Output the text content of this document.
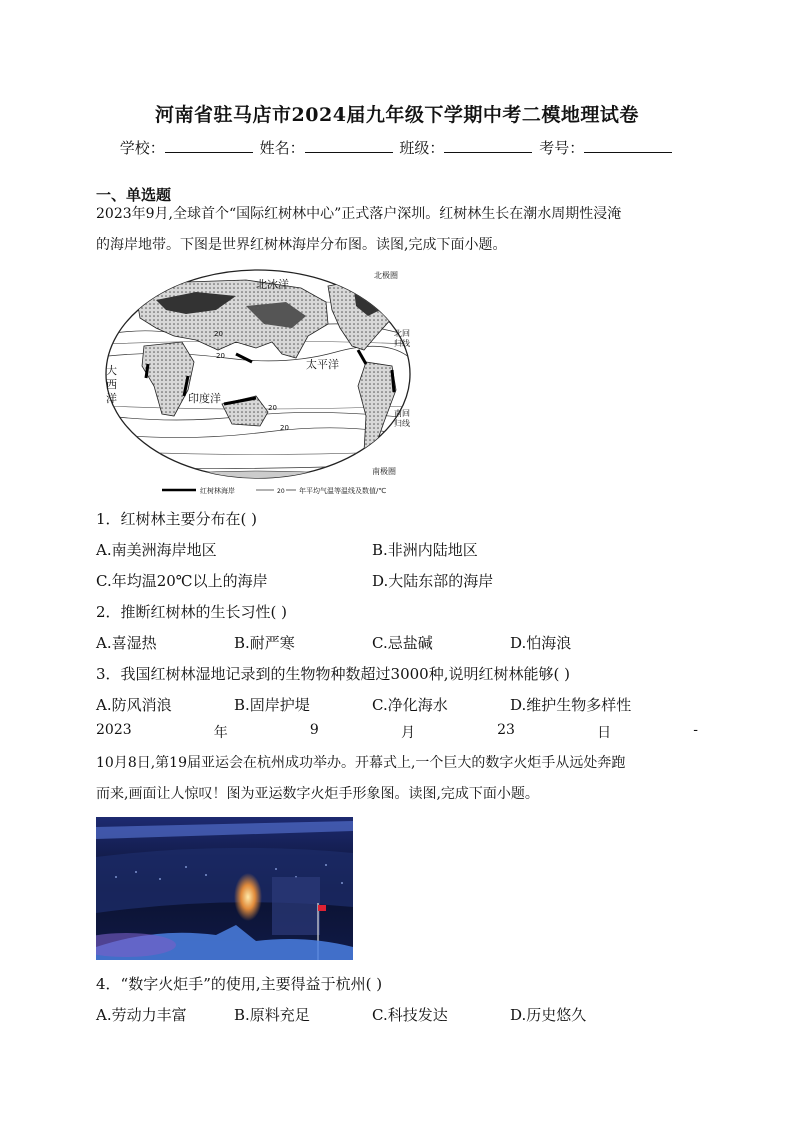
河南省驻马店市2024届九年级下学期中考二模地理试卷
学校：	姓名：	班级：	考号：
一、单选题
2023年9月,全球首个“国际红树林中心”正式落户深圳。红树林生长在潮水周期性浸淹
的海岸地带。下图是世界红树林海岸分布图。读图,完成下面小题。
北冰洋
太平洋
大
西
洋	印度洋
北极圈
北回
归线
南回
归线
南极圈
20
20
20
20
红树林海岸	20 年平均气温等温线及数值/℃
1．红树林主要分布在( )
A.南美洲海岸地区	B.非洲内陆地区
C.年均温20℃以上的海岸	D.大陆东部的海岸
2．推断红树林的生长习性( )
A.喜湿热	B.耐严寒	C.忌盐碱	D.怕海浪
3．我国红树林湿地记录到的生物物种数超过3000种,说明红树林能够( )
A.防风消浪	B.固岸护堤	C.净化海水	D.维护生物多样性
2023	年	9	月	23	日	-
10月8日,第19届亚运会在杭州成功举办。开幕式上,一个巨大的数字火炬手从远处奔跑
而来,画面让人惊叹！图为亚运数字火炬手形象图。读图,完成下面小题。
4．“数字火炬手”的使用,主要得益于杭州( )
A.劳动力丰富	B.原料充足	C.科技发达	D.历史悠久
